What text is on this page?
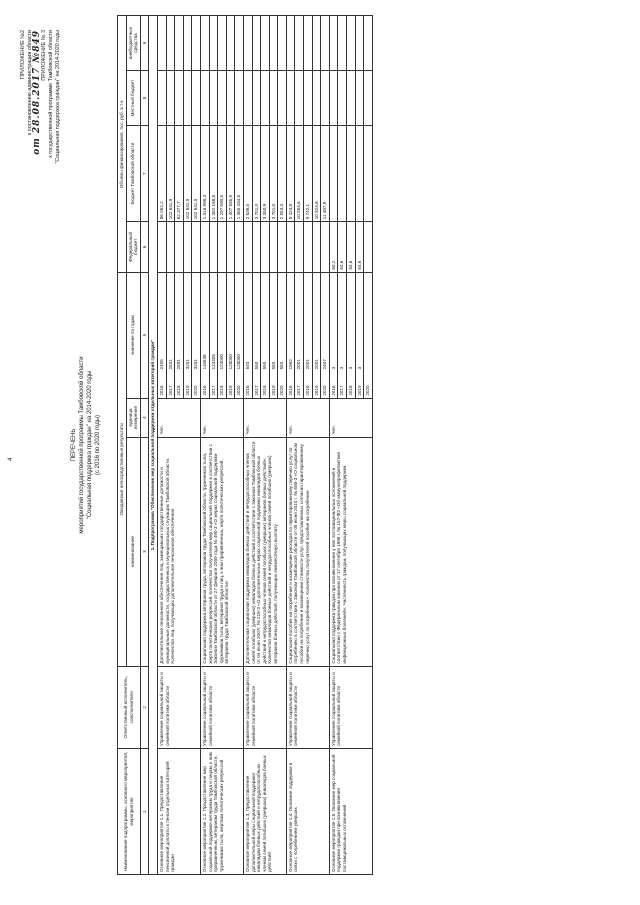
4
ПРИЛОЖЕНИЕ №2 к постановлению администрации области от 28.08.2017 №849 ПРИЛОЖЕНИЕ № 3 к государственной программе Тамбовской области "Социальная поддержка граждан" на 2014-2020 годы
ПЕРЕЧЕНЬ мероприятий государственной программы Тамбовской области "Социальная поддержка граждан" на 2014-2020 годы (с 2016 по 2020 годы)
Наименование подпрограммы, основного мероприятия, мероприятия	Ответственный исполнитель, соисполнители	Ожидаемые непосредственные результаты			Объемы финансирования, тыс. руб. в т.ч.			
		наименование	единица измерения	значение по годам	Федеральный бюджет	Бюджет Тамбовской области	Местный бюджет	внебюджетные средства
1	2	3	4	5	6	7	8	9
1. Подпрограмма "Обеспечение мер социальной поддержки отдельных категорий граждан"								
Основное мероприятие 1.1. Предоставление пенсионной доплаты к пенсии отдельных категорий граждан	Управление социальной защиты и семейной политики области	Дополнительное пенсионное обеспечение лиц, замещавших государственные должности и муниципальные должности, государственных и муниципальных служащих Тамбовской области. Количество лиц, получающих дополнительное пенсионное обеспечение	Чел.	20162405		86 062,2		
				20172531		102 641,9		
				20182591		82 377,7		
				20193251		102 641,9		
				20203251		102 641,9		
Основное мероприятие 1.2. Предоставление мер социальной поддержки ветеранам труда и лицам, к ним приравненным, ветеранам труда Тамбовской области, труженикам тыла, жертвам политических репрессий	Управление социальной защиты и семейной политики области	Социальная поддержка ветеранов труда, ветеранов труда Тамбовской области, тружеников тыла, жертв политических репрессий. Количество получателей мер социальной поддержки в соответствии с Законом Тамбовской области от 27 февраля 2009 года № 490-З «О мерах социальной поддержки тружеников тыла, ветеранов труда и лиц, к ним приравненных, жертв политических репрессий, ветеранов труда Тамбовской области»	Чел.	2016118538		1 316 998,3		
				2017124405		1 362 168,8		
				2018124000		1 297 590,5		
				2019128000		1 407 555,9		
				2020128000		1 365 434,6		
Основное мероприятие 1.3. Предоставление дополнительной меры социальной поддержки инвалидам боевых действий и нетрудоспособным членам семей погибших (умерших) инвалидов боевых действий	Управление социальной защиты и семейной политики области	Дополнительная социальная поддержка инвалидов боевых действий и нетрудоспособных членов семей погибших (умерших) инвалидов боевых действий в соответствии с Законом Тамбовской области от 04 июня 2007г. № 218-З «О дополнительных мерах социальной поддержки инвалидов боевых действий и нетрудоспособных членов семей погибших (умерших) ветеранов боевых действий». Количество инвалидов боевых действий и нетрудоспособных членов семей погибших (умерших) ветеранов боевых действий, получающих ежемесячную выплату	Чел.	2016540		2 636,5		
				2017550		3 701,0		
				2018550		3 350,9		
				2019550		3 701,0		
				2020550		2 554,3		
Основное мероприятие 1.4. Оказание поддержки в связи с погребением умерших	Управление социальной защиты и семейной политики области	Социальное пособие на погребение и возмещение расходов по гарантированному перечню услуг по погребению в соответствии с Законом Тамбовской области от 05 июня 2010 г. № 658-З «О социальном пособии на погребение и возмещении стоимости услуг, предоставляемых согласно гарантированному перечню услуг по погребению». Количество получателей пособия на погребение	Чел.	20161962		9 424,8		
				20172001		10 554,6		
				20182001		9 742,1		
				20192001		10 824,8		
				20202407		11 487,9		
Основное мероприятие 1.5. Оказание мер социальной поддержки граждан при возникновении поствакцинальных осложнений	Управление социальной защиты и семейной политики области	Социальная поддержка граждан при возникновении у них поствакцинальных осложнений в соответствии с Федеральным законом от 17 сентября 1998 г. № 157-ФЗ «Об иммунопрофилактике инфекционных болезней». Численность граждан, получающих меры социальной поддержки	Чел.	20163	60,2			
				20173	64,6			
				20183	64,6			
				20193	64,6			
				2020				
